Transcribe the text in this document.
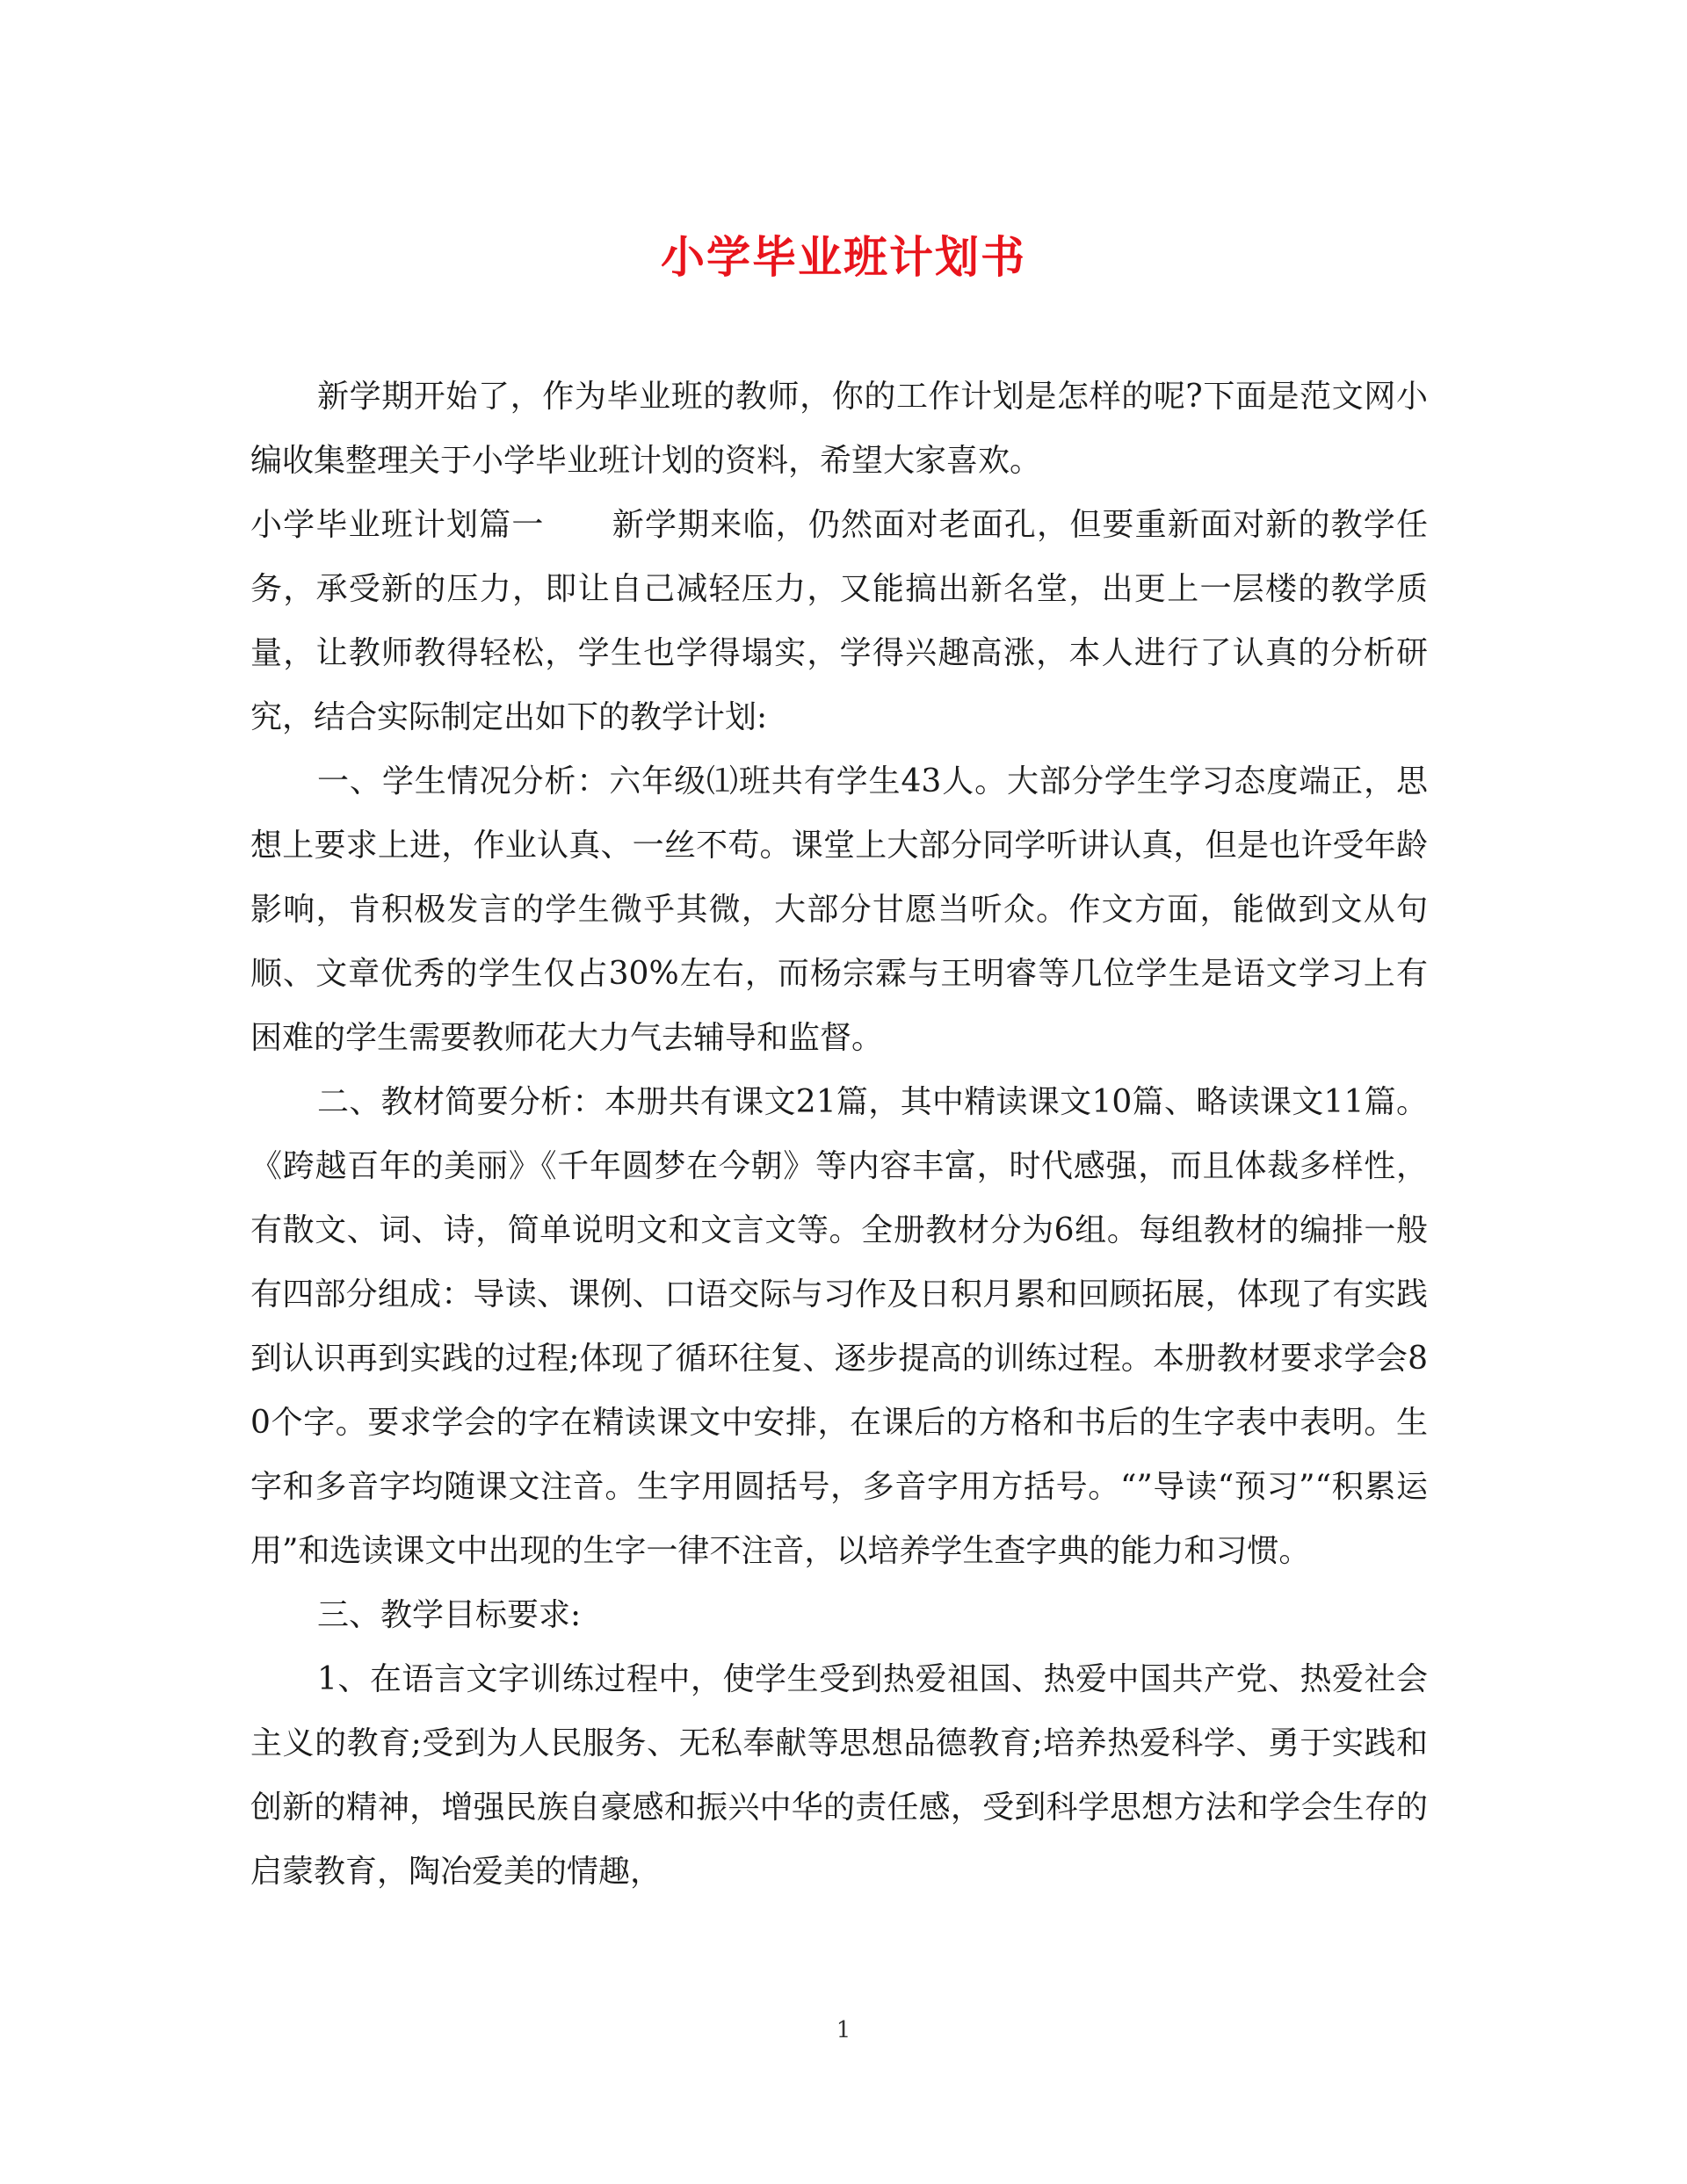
小学毕业班计划书

新学期开始了，作为毕业班的教师，你的工作计划是怎样的呢?下面是范文网小编收集整理关于小学毕业班计划的资料，希望大家喜欢。

小学毕业班计划篇一 新学期来临，仍然面对老面孔，但要重新面对新的教学任务，承受新的压力，即让自己减轻压力，又能搞出新名堂，出更上一层楼的教学质量，让教师教得轻松，学生也学得塌实，学得兴趣高涨，本人进行了认真的分析研究，结合实际制定出如下的教学计划:

一、学生情况分析：六年级⑴班共有学生43人。大部分学生学习态度端正，思想上要求上进，作业认真、一丝不苟。课堂上大部分同学听讲认真，但是也许受年龄影响，肯积极发言的学生微乎其微，大部分甘愿当听众。作文方面，能做到文从句顺、文章优秀的学生仅占30%左右，而杨宗霖与王明睿等几位学生是语文学习上有困难的学生需要教师花大力气去辅导和监督。

二、教材简要分析：本册共有课文21篇，其中精读课文10篇、略读课文11篇。《跨越百年的美丽》《千年圆梦在今朝》等内容丰富，时代感强，而且体裁多样性，有散文、词、诗，简单说明文和文言文等。全册教材分为6组。每组教材的编排一般有四部分组成：导读、课例、口语交际与习作及日积月累和回顾拓展，体现了有实践到认识再到实践的过程;体现了循环往复、逐步提高的训练过程。本册教材要求学会80个字。要求学会的字在精读课文中安排，在课后的方格和书后的生字表中表明。生字和多音字均随课文注音。生字用圆括号，多音字用方括号。“”导读“预习”“积累运用”和选读课文中出现的生字一律不注音，以培养学生查字典的能力和习惯。

三、教学目标要求:

1、在语言文字训练过程中，使学生受到热爱祖国、热爱中国共产党、热爱社会主义的教育;受到为人民服务、无私奉献等思想品德教育;培养热爱科学、勇于实践和创新的精神，增强民族自豪感和振兴中华的责任感，受到科学思想方法和学会生存的启蒙教育，陶冶爱美的情趣，

1
